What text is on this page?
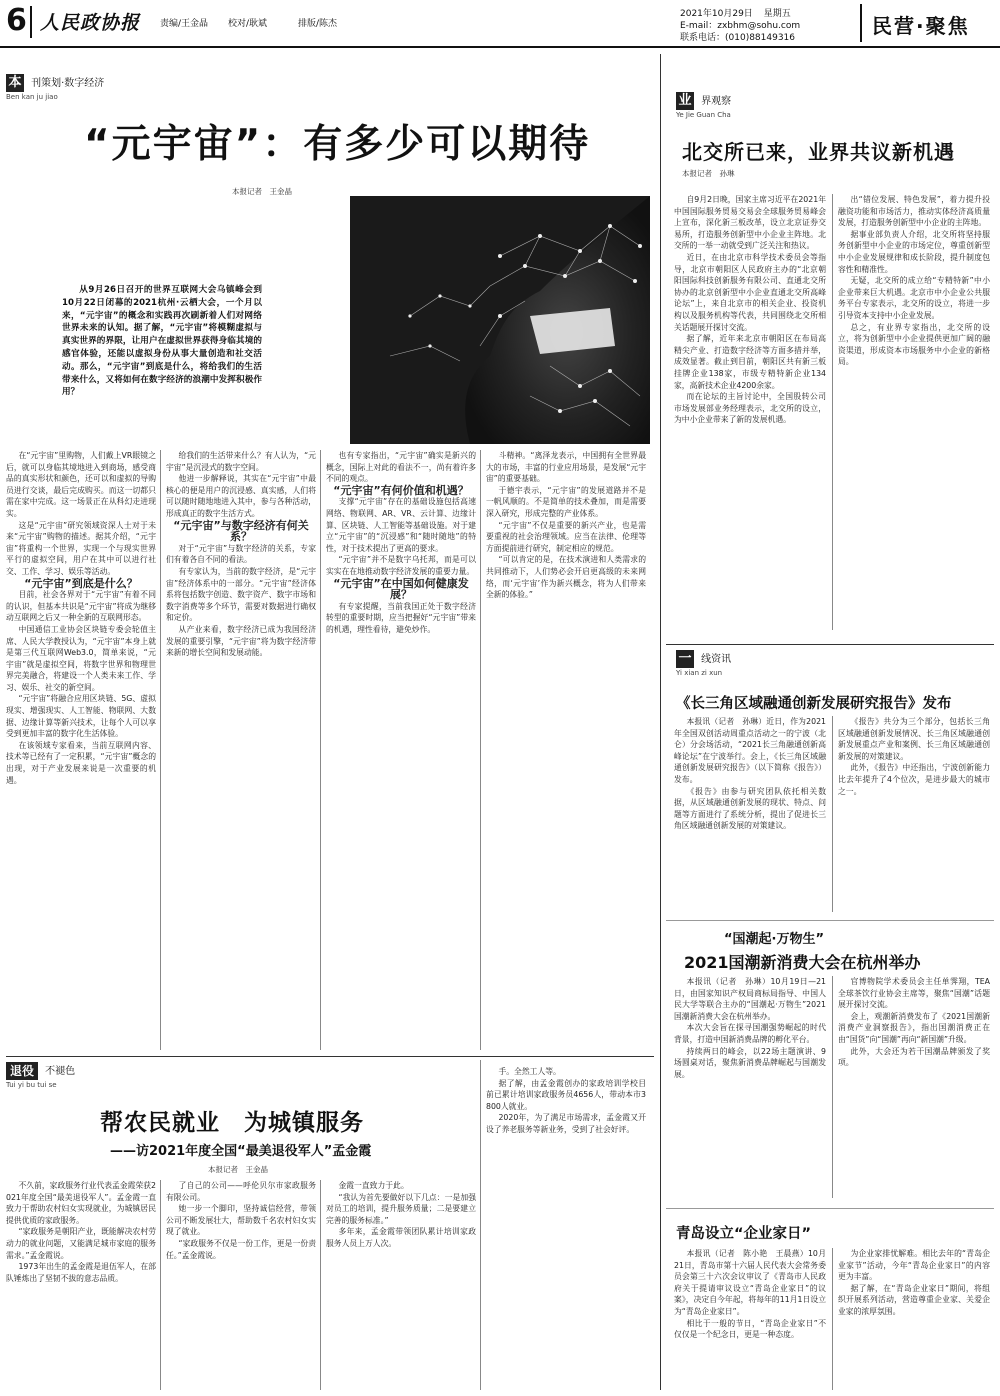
6 人民政协报 责编/王金晶 校对/耿斌	排版/陈杰
2021年10月29日 星期五
E-mail：zxbhm@sohu.com
联系电话：(010)88149316	民营·聚焦
本 $^{刊策划\cdot 数字经济}$
Ben kan ju jiao
“元宇宙”：有多少可以期待
本报记者　王金晶
从9月26日召开的世界互联网大会乌镇峰会到10月22日闭幕的2021杭州·云栖大会，一个月以来，“元宇宙”的概念和实践再次刷新着人们对网络世界未来的认知。据了解，“元宇宙”将模糊虚拟与真实世界的界限，让用户在虚拟世界获得身临其境的感官体验，还能以虚拟身份从事大量创造和社交活动。那么，“元宇宙”到底是什么，将给我们的生活带来什么，又将如何在数字经济的浪潮中发挥积极作用？

在“元宇宙”里购物，人们戴上VR眼镜之后，就可以身临其境地进入到商场，感受商品的真实形状和颜色，还可以和虚拟的导购员进行交谈，最后完成购买。而这一切都只需在家中完成。这一场景正在从科幻走进现实。

这是“元宇宙”研究领域资深人士对于未来“元宇宙”购物的描述。据其介绍，“元宇宙”将重构一个世界，实现一个与现实世界平行的虚拟空间，用户在其中可以进行社交、工作、学习、娱乐等活动。

“元宇宙”到底是什么？

目前，社会各界对于“元宇宙”有着不同的认识，但基本共识是“元宇宙”将成为继移动互联网之后又一种全新的互联网形态。

中国通信工业协会区块链专委会轮值主席、人民大学教授认为，“元宇宙”本身上就是第三代互联网Web3.0，简单来说，“元宇宙”就是虚拟空间，将数字世界和物理世界完美融合，将建设一个人类未来工作、学习、娱乐、社交的新空间。

“元宇宙”将融合应用区块链、5G、虚拟现实、增强现实、人工智能、物联网、大数据、边缘计算等新兴技术，让每个人可以享受到更加丰富的数字化生活体验。

在该领域专家看来，当前互联网内容、技术等已经有了一定积累，“元宇宙”概念的出现，对于产业发展来说是一次重要的机遇。

给我们的生活带来什么？有人认为，“元宇宙”是沉浸式的数字空间。

他进一步解释说，其实在“元宇宙”中最核心的便是用户的沉浸感、真实感，人们将可以随时随地地进入其中，参与各种活动，形成真正的数字生活方式。

“元宇宙”与数字经济有何关系？

对于“元宇宙”与数字经济的关系，专家们有着各自不同的看法。

有专家认为，当前的数字经济，是“元宇宙”经济体系中的一部分。“元宇宙”经济体系将包括数字创造、数字资产、数字市场和数字消费等多个环节，需要对数据进行确权和定价。

从产业来看，数字经济已成为我国经济发展的重要引擎，“元宇宙”将为数字经济带来新的增长空间和发展动能。

也有专家指出，“元宇宙”确实是新兴的概念，国际上对此的看法不一，尚有着许多不同的观点。

“元宇宙”有何价值和机遇？

支撑“元宇宙”存在的基础设施包括高速网络、物联网、AR、VR、云计算、边缘计算、区块链、人工智能等基础设施。对于建立“元宇宙”的“沉浸感”和“随时随地”的特性，对于技术提出了更高的要求。

“元宇宙”并不是数字乌托邦，而是可以实实在在地推动数字经济发展的重要力量。

“元宇宙”在中国如何健康发展？

有专家提醒，当前我国正处于数字经济转型的重要时期，应当把握好“元宇宙”带来的机遇，理性看待，避免炒作。

斗精神。“离泽龙表示，中国拥有全世界最大的市场，丰富的行业应用场景，是发展“元宇宙”的重要基础。

于德宇表示，“元宇宙”的发展道路并不是一帆风顺的。不是简单的技术叠加，而是需要深入研究，形成完整的产业体系。

“元宇宙”不仅是重要的新兴产业，也是需要重视的社会治理领域。应当在法律、伦理等方面提前进行研究，制定相应的规范。

“可以肯定的是，在技术演进和人类需求的共同推动下，人们势必会开启更高级的未来网络，而‘元宇宙’作为新兴概念，将为人们带来全新的体验。”

业 $^{界观察}$
Ye Jie Guan Cha
北交所已来，业界共议新机遇
本报记者　孙琳

自9月2日晚，国家主席习近平在2021年中国国际服务贸易交易会全球服务贸易峰会上宣布，深化新三板改革，设立北京证券交易所，打造服务创新型中小企业主阵地。北交所的一举一动就受到广泛关注和热议。

近日，在由北京市科学技术委员会等指导，北京市朝阳区人民政府主办的“北京朝阳国际科技创新服务有限公司、直通北交所协办的北京创新型中小企业直通北交所高峰论坛”上，来自北京市的相关企业、投资机构以及服务机构等代表，共同围绕北交所相关话题展开探讨交流。

据了解，近年来北京市朝阳区在布局高精尖产业、打造数字经济等方面多措并举，成效显著。截止到目前，朝阳区共有新三板挂牌企业138家，市级专精特新企业134家，高新技术企业4200余家。

而在论坛的主旨讨论中，全国股转公司市场发展部业务经理表示，北交所的设立，为中小企业带来了新的发展机遇。

出“错位发展、特色发展”，着力提升投融资功能和市场活力，推动实体经济高质量发展，打造服务创新型中小企业的主阵地。

据事业部负责人介绍，北交所将坚持服务创新型中小企业的市场定位，尊重创新型中小企业发展规律和成长阶段，提升制度包容性和精准性。

无疑，北交所的成立给“专精特新”中小企业带来巨大机遇。北京市中小企业公共服务平台专家表示，北交所的设立，将进一步引导资本支持中小企业发展。

总之，有业界专家指出，北交所的设立，将为创新型中小企业提供更加广阔的融资渠道，形成资本市场服务中小企业的新格局。

一 $^{线资讯}$
Yi xian zi xun
《长三角区域融通创新发展研究报告》发布

本报讯（记者　孙琳）近日，作为2021年全国双创活动周重点活动之一的宁波（北仑）分会场活动，“2021长三角融通创新高峰论坛”在宁波举行。会上，《长三角区域融通创新发展研究报告》（以下简称《报告》）发布。

《报告》由参与研究团队依托相关数据，从区域融通创新发展的现状、特点、问题等方面进行了系统分析，提出了促进长三角区域融通创新发展的对策建议。

《报告》共分为三个部分，包括长三角区域融通创新发展情况、长三角区域融通创新发展重点产业和案例、长三角区域融通创新发展的对策建议。

此外，《报告》中还指出，宁波创新能力比去年提升了4个位次，是进步最大的城市之一。

“国潮起·万物生”
2021国潮新消费大会在杭州举办

本报讯（记者　孙琳）10月19日—21日，由国家知识产权局商标局指导、中国人民大学等联合主办的“国潮起·万物生”2021国潮新消费大会在杭州举办。

本次大会旨在探寻国潮强势崛起的时代背景，打造中国新消费品牌的孵化平台。

持续两日的峰会，以22场主题演讲、9场圆桌对话，聚焦新消费品牌崛起与国潮发展。

官博物院学术委员会主任单霁翔，TEA全球茶饮行业协会主席等，聚焦“国潮”话题展开探讨交流。

会上，观潮新消费发布了《2021国潮新消费产业洞察报告》，指出国潮消费正在由“国货”向“国潮”再向“新国潮”升级。

此外，大会还为若干国潮品牌颁发了奖项。

青岛设立“企业家日”

本报讯（记者　陈小艳　王晨燕）10月21日，青岛市第十六届人民代表大会常务委员会第三十六次会议审议了《青岛市人民政府关于提请审议设立“青岛企业家日”的议案》，决定自今年起，将每年的11月1日设立为“青岛企业家日”。

相比于一般的节日，“青岛企业家日”不仅仅是一个纪念日，更是一种态度。

为企业家排忧解难。相比去年的“青岛企业家节”活动，今年“青岛企业家日”的内容更为丰富。

据了解，在“青岛企业家日”期间，将组织开展系列活动，营造尊重企业家、关爱企业家的浓厚氛围。

退役 $^{不褪色}$
Tui yi bu tui se
帮农民就业　为城镇服务
——访2021年度全国“最美退役军人”孟金霞
本报记者　王金晶

不久前，家政服务行业代表孟金霞荣获2021年度全国“最美退役军人”。孟金霞一直致力于帮助农村妇女实现就业，为城镇居民提供优质的家政服务。

“家政服务是朝阳产业，既能解决农村劳动力的就业问题，又能满足城市家庭的服务需求。”孟金霞说。

1973年出生的孟金霞是退伍军人，在部队锤炼出了坚韧不拔的意志品质。

了自己的公司——呼伦贝尔市家政服务有限公司。

她一步一个脚印，坚持诚信经营，带领公司不断发展壮大，帮助数千名农村妇女实现了就业。

“家政服务不仅是一份工作，更是一份责任。”孟金霞说。

金霞一直致力于此。

“我认为首先要做好以下几点：一是加强对员工的培训，提升服务质量；二是要建立完善的服务标准。”

多年来，孟金霞带领团队累计培训家政服务人员上万人次。

手。全然工人等。

据了解，由孟金霞创办的家政培训学校目前已累计培训家政服务员4656人，带动本市3800人就业。

2020年，为了满足市场需求，孟金霞又开设了养老服务等新业务，受到了社会好评。
